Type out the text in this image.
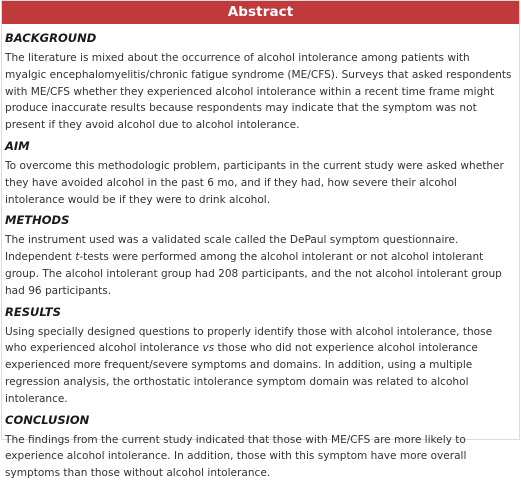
Abstract
BACKGROUND
The literature is mixed about the occurrence of alcohol intolerance among patients with myalgic encephalomyelitis/chronic fatigue syndrome (ME/CFS). Surveys that asked respondents with ME/CFS whether they experienced alcohol intolerance within a recent time frame might produce inaccurate results because respondents may indicate that the symptom was not present if they avoid alcohol due to alcohol intolerance.
AIM
To overcome this methodologic problem, participants in the current study were asked whether they have avoided alcohol in the past 6 mo, and if they had, how severe their alcohol intolerance would be if they were to drink alcohol.
METHODS
The instrument used was a validated scale called the DePaul symptom questionnaire. Independent t-tests were performed among the alcohol intolerant or not alcohol intolerant group. The alcohol intolerant group had 208 participants, and the not alcohol intolerant group had 96 participants.
RESULTS
Using specially designed questions to properly identify those with alcohol intolerance, those who experienced alcohol intolerance vs those who did not experience alcohol intolerance experienced more frequent/severe symptoms and domains. In addition, using a multiple regression analysis, the orthostatic intolerance symptom domain was related to alcohol intolerance.
CONCLUSION
The findings from the current study indicated that those with ME/CFS are more likely to experience alcohol intolerance. In addition, those with this symptom have more overall symptoms than those without alcohol intolerance.
